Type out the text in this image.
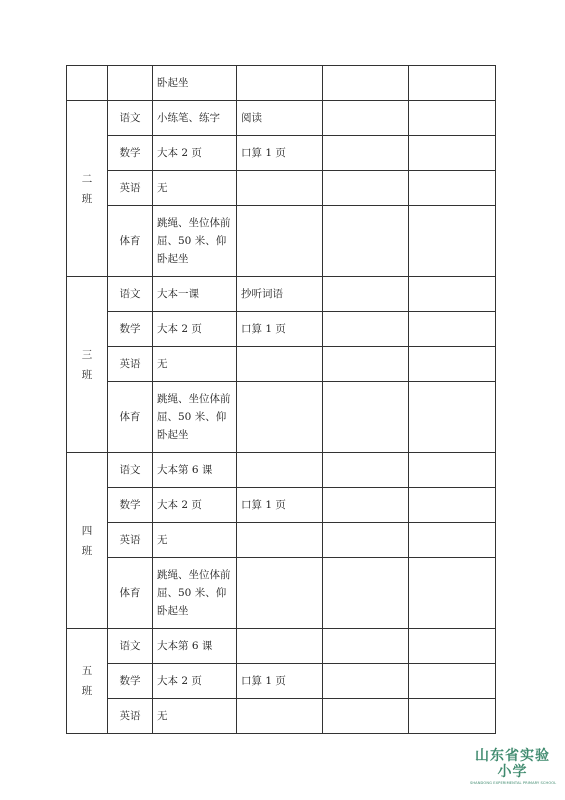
		卧起坐			

二
班	语文	小练笔、练字	阅读		
	数学	大本 2 页	口算 1 页		
	英语	无			
	体育	跳绳、坐位体前屈、50 米、仰卧起坐			

三
班	语文	大本一课	抄听词语		
	数学	大本 2 页	口算 1 页		
	英语	无			
	体育	跳绳、坐位体前屈、50 米、仰卧起坐			

四
班	语文	大本第 6 课			
	数学	大本 2 页	口算 1 页		
	英语	无			
	体育	跳绳、坐位体前屈、50 米、仰卧起坐			

五
班	语文	大本第 6 课			
	数学	大本 2 页	口算 1 页		
	英语	无			
山东省实验小学
SHANDONG EXPERIMENTAL PRIMARY SCHOOL
